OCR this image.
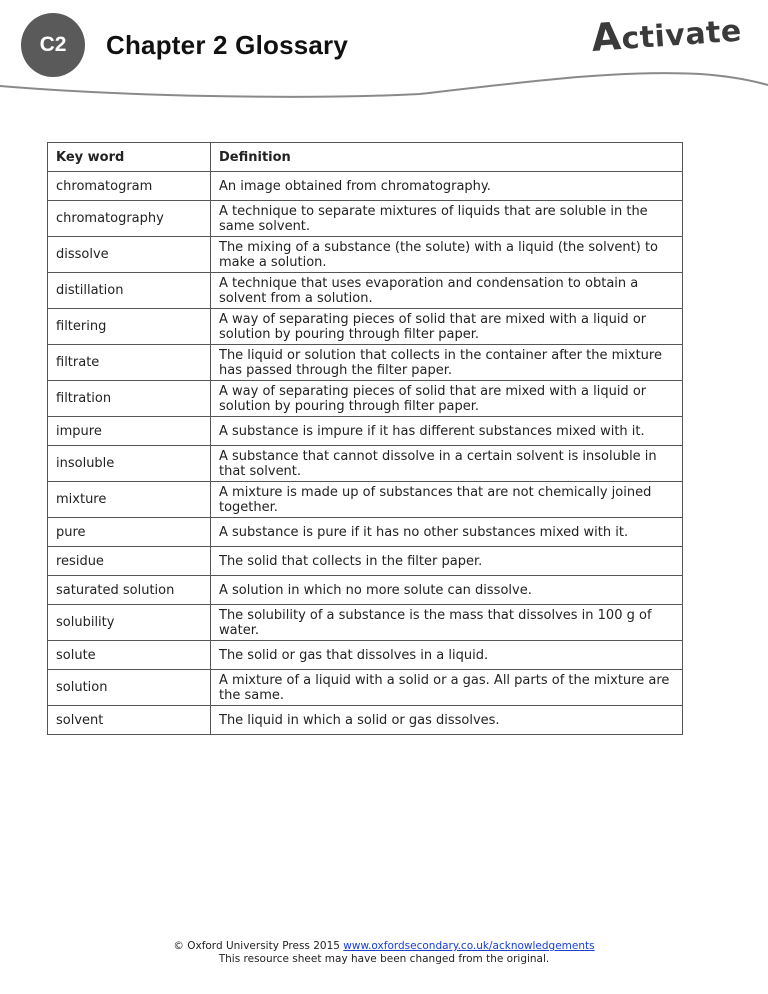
C2	Chapter 2 Glossary	Activate
Key word	Definition
chromatogram	An image obtained from chromatography.
chromatography	A technique to separate mixtures of liquids that are soluble in the same solvent.
dissolve	The mixing of a substance (the solute) with a liquid (the solvent) to make a solution.
distillation	A technique that uses evaporation and condensation to obtain a solvent from a solution.
filtering	A way of separating pieces of solid that are mixed with a liquid or solution by pouring through filter paper.
filtrate	The liquid or solution that collects in the container after the mixture has passed through the filter paper.
filtration	A way of separating pieces of solid that are mixed with a liquid or solution by pouring through filter paper.
impure	A substance is impure if it has different substances mixed with it.
insoluble	A substance that cannot dissolve in a certain solvent is insoluble in that solvent.
mixture	A mixture is made up of substances that are not chemically joined together.
pure	A substance is pure if it has no other substances mixed with it.
residue	The solid that collects in the filter paper.
saturated solution	A solution in which no more solute can dissolve.
solubility	The solubility of a substance is the mass that dissolves in 100 g of water.
solute	The solid or gas that dissolves in a liquid.
solution	A mixture of a liquid with a solid or a gas. All parts of the mixture are the same.
solvent	The liquid in which a solid or gas dissolves.
© Oxford University Press 2015 www.oxfordsecondary.co.uk/acknowledgements
This resource sheet may have been changed from the original.
